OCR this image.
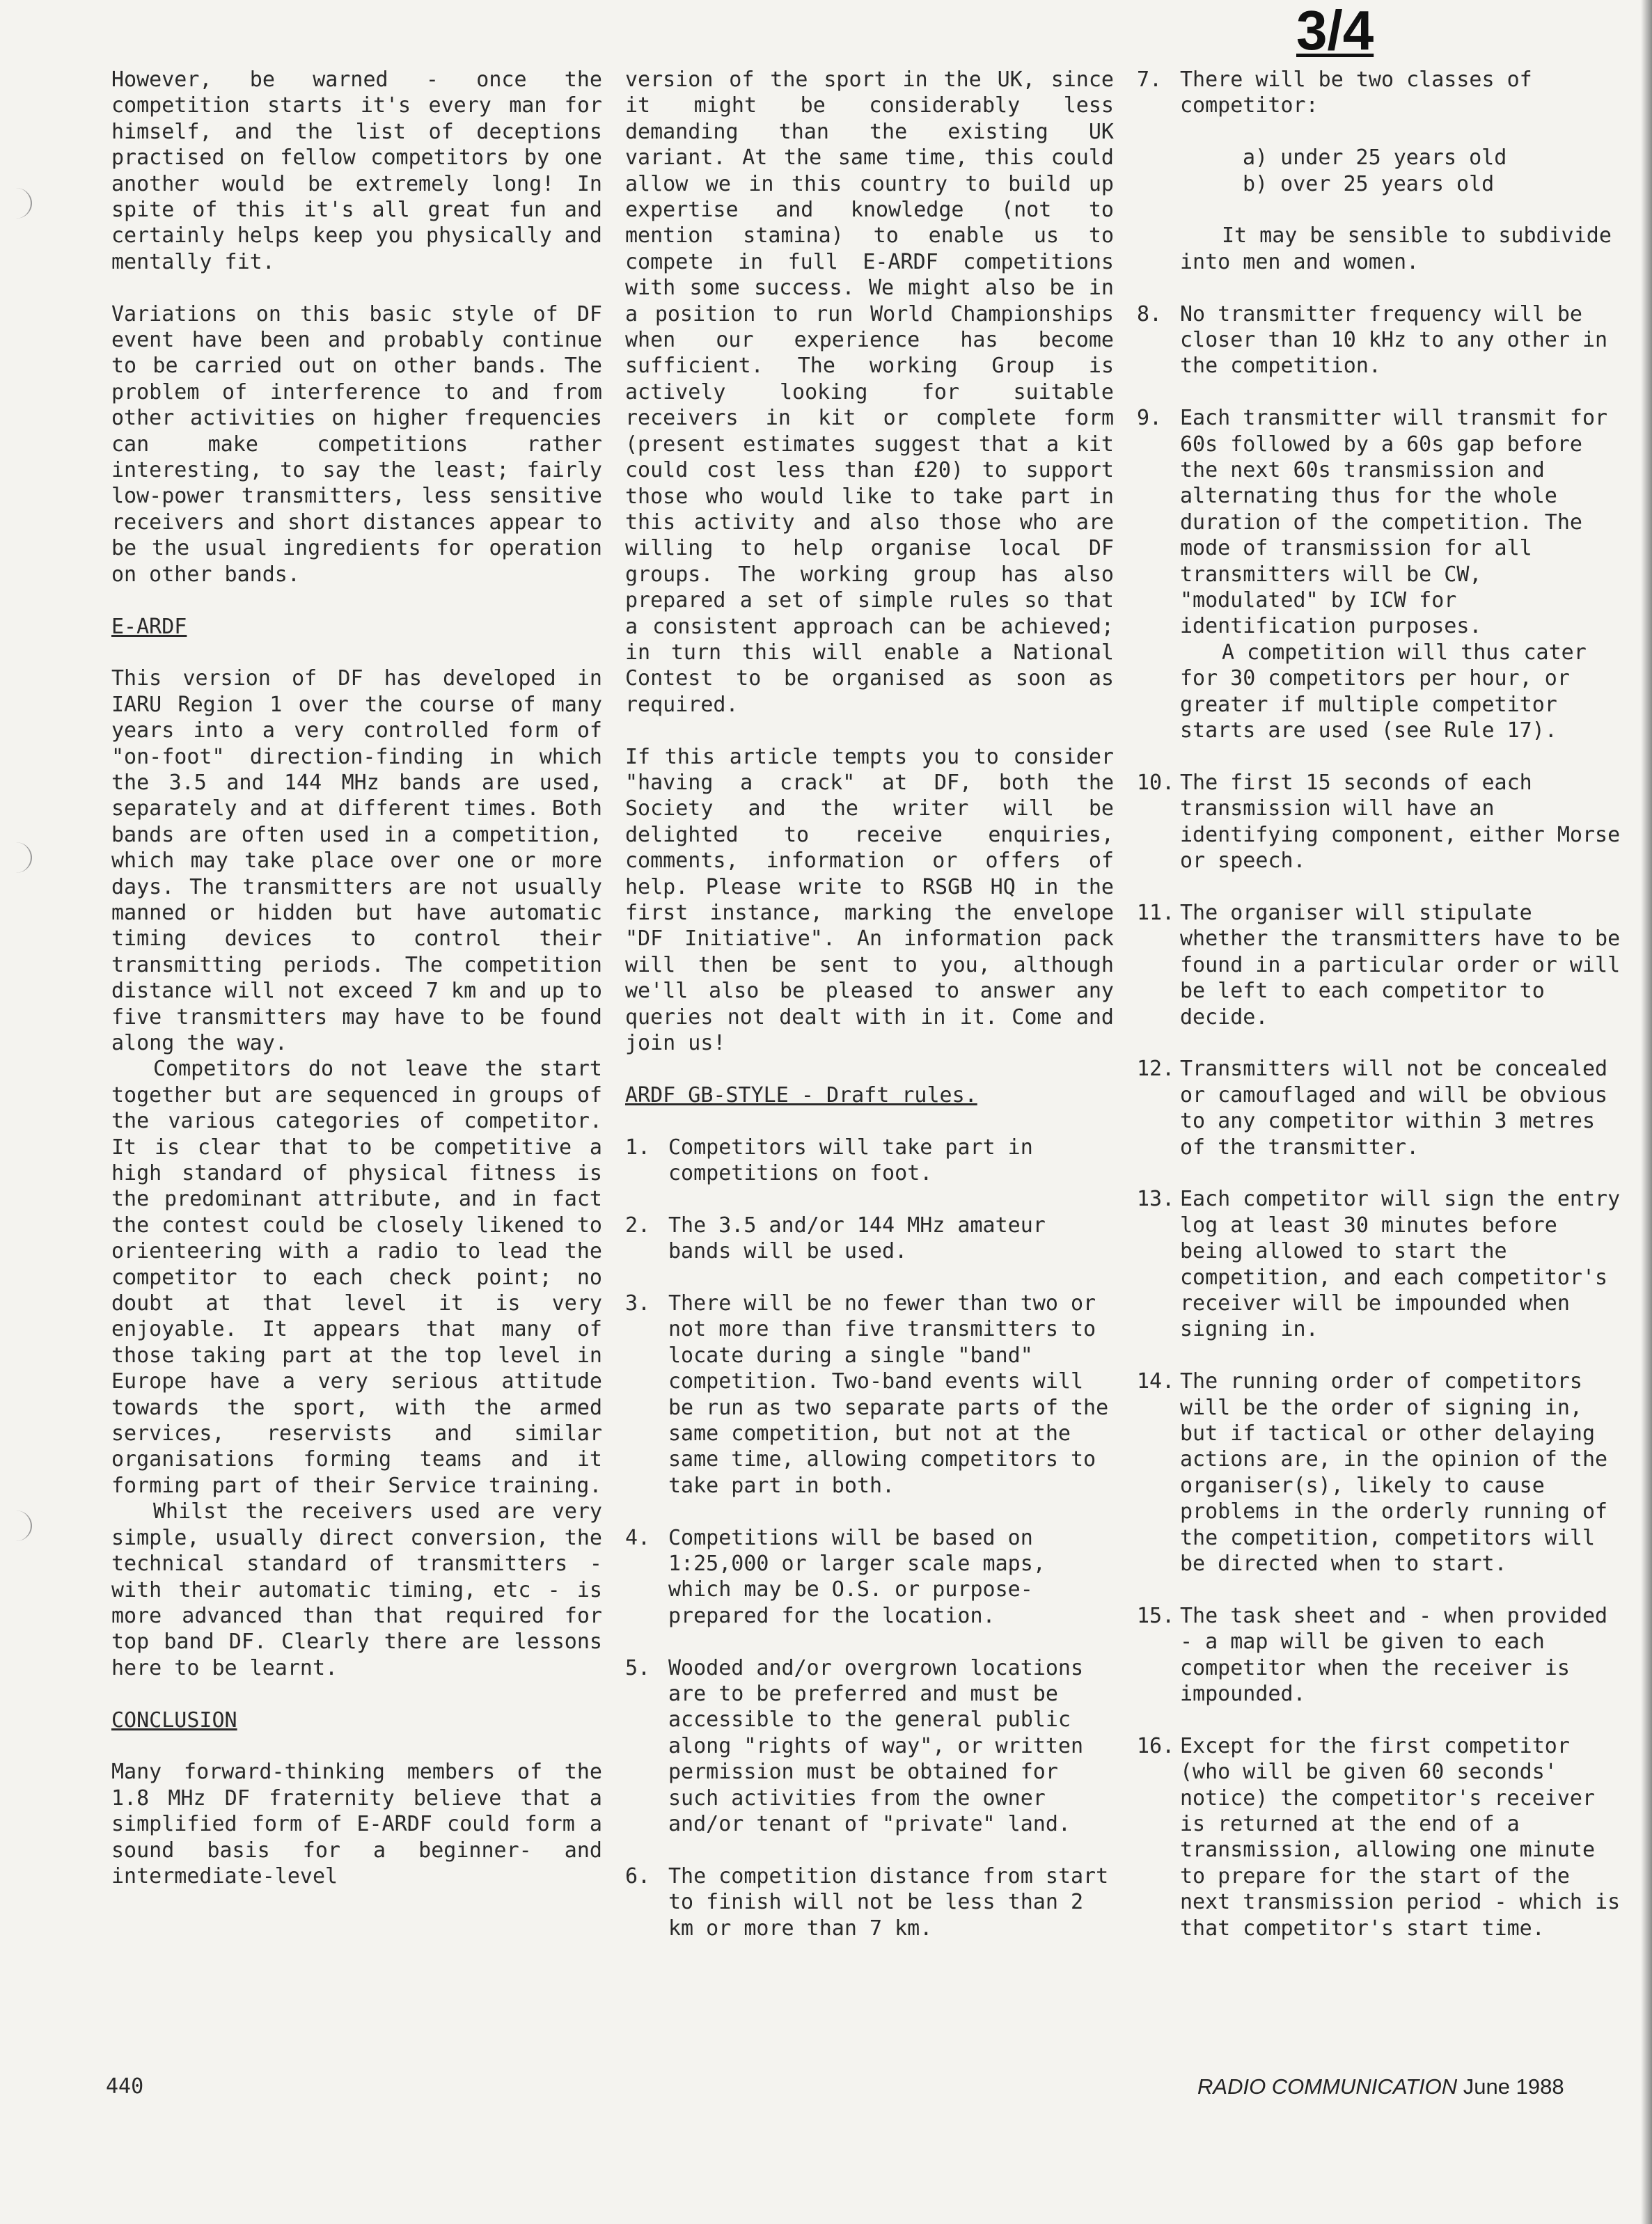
3/4

However, be warned - once the competition starts it's every man for himself, and the list of deceptions practised on fellow competitors by one another would be extremely long! In spite of this it's all great fun and certainly helps keep you physically and mentally fit.

Variations on this basic style of DF event have been and probably continue to be carried out on other bands. The problem of interference to and from other activities on higher frequencies can make competitions rather interesting, to say the least; fairly low-power transmitters, less sensitive receivers and short distances appear to be the usual ingredients for operation on other bands.

E-ARDF

This version of DF has developed in IARU Region 1 over the course of many years into a very controlled form of "on-foot" direction-finding in which the 3.5 and 144 MHz bands are used, separately and at different times. Both bands are often used in a competition, which may take place over one or more days. The transmitters are not usually manned or hidden but have automatic timing devices to control their transmitting periods. The competition distance will not exceed 7 km and up to five transmitters may have to be found along the way.

Competitors do not leave the start together but are sequenced in groups of the various categories of competitor. It is clear that to be competitive a high standard of physical fitness is the predominant attribute, and in fact the contest could be closely likened to orienteering with a radio to lead the competitor to each check point; no doubt at that level it is very enjoyable. It appears that many of those taking part at the top level in Europe have a very serious attitude towards the sport, with the armed services, reservists and similar organisations forming teams and it forming part of their Service training.

Whilst the receivers used are very simple, usually direct conversion, the technical standard of transmitters - with their automatic timing, etc - is more advanced than that required for top band DF. Clearly there are lessons here to be learnt.

CONCLUSION

Many forward-thinking members of the 1.8 MHz DF fraternity believe that a simplified form of E-ARDF could form a sound basis for a beginner- and intermediate-level

version of the sport in the UK, since it might be considerably less demanding than the existing UK variant. At the same time, this could allow we in this country to build up expertise and knowledge (not to mention stamina) to enable us to compete in full E-ARDF competitions with some success. We might also be in a position to run World Championships when our experience has become sufficient. The working Group is actively looking for suitable receivers in kit or complete form (present estimates suggest that a kit could cost less than £20) to support those who would like to take part in this activity and also those who are willing to help organise local DF groups. The working group has also prepared a set of simple rules so that a consistent approach can be achieved; in turn this will enable a National Contest to be organised as soon as required.

If this article tempts you to consider "having a crack" at DF, both the Society and the writer will be delighted to receive enquiries, comments, information or offers of help. Please write to RSGB HQ in the first instance, marking the envelope "DF Initiative". An information pack will then be sent to you, although we'll also be pleased to answer any queries not dealt with in it. Come and join us!

ARDF GB-STYLE - Draft rules.
1. Competitors will take part in competitions on foot.
2. The 3.5 and/or 144 MHz amateur bands will be used.
3. There will be no fewer than two or not more than five transmitters to locate during a single "band" competition. Two-band events will be run as two separate parts of the same competition, but not at the same time, allowing competitors to take part in both.
4. Competitions will be based on 1:25,000 or larger scale maps, which may be O.S. or purpose-prepared for the location.
5. Wooded and/or overgrown locations are to be preferred and must be accessible to the general public along "rights of way", or written permission must be obtained for such activities from the owner and/or tenant of "private" land.
6. The competition distance from start to finish will not be less than 2 km or more than 7 km.
7. There will be two classes of competitor:

a) under 25 years old

b) over 25 years old

It may be sensible to subdivide into men and women.

8. No transmitter frequency will be closer than 10 kHz to any other in the competition.
9. Each transmitter will transmit for 60s followed by a 60s gap before the next 60s transmission and alternating thus for the whole duration of the competition. The mode of transmission for all transmitters will be CW, "modulated" by ICW for identification purposes.

A competition will thus cater for 30 competitors per hour, or greater if multiple competitor starts are used (see Rule 17).

10. The first 15 seconds of each transmission will have an identifying component, either Morse or speech.
11. The organiser will stipulate whether the transmitters have to be found in a particular order or will be left to each competitor to decide.
12. Transmitters will not be concealed or camouflaged and will be obvious to any competitor within 3 metres of the transmitter.
13. Each competitor will sign the entry log at least 30 minutes before being allowed to start the competition, and each competitor's receiver will be impounded when signing in.
14. The running order of competitors will be the order of signing in, but if tactical or other delaying actions are, in the opinion of the organiser(s), likely to cause problems in the orderly running of the competition, competitors will be directed when to start.
15. The task sheet and - when provided - a map will be given to each competitor when the receiver is impounded.
16. Except for the first competitor (who will be given 60 seconds' notice) the competitor's receiver is returned at the end of a transmission, allowing one minute to prepare for the start of the next transmission period - which is that competitor's start time.
440	RADIO COMMUNICATION June 1988
